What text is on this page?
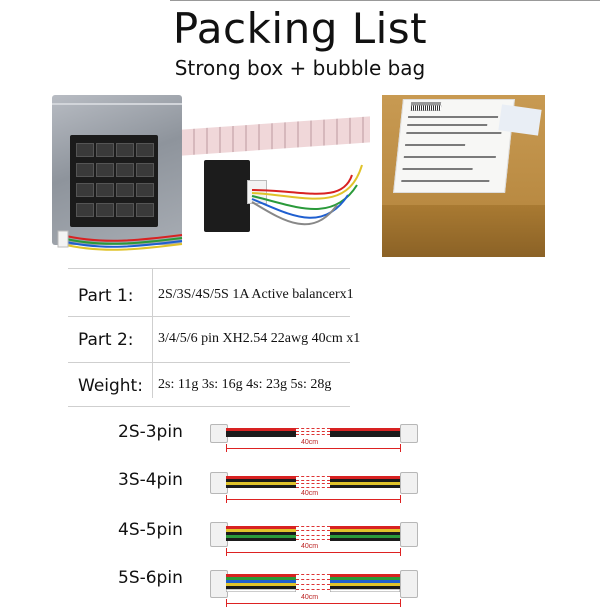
Packing List
Strong box + bubble bag
Part 1: 2S/3S/4S/5S 1A Active balancerx1
Part 2: 3/4/5/6 pin XH2.54 22awg 40cm x1
Weight: 2s: 11g 3s: 16g 4s: 23g 5s: 28g
2S-3pin
40cm
3S-4pin
40cm
4S-5pin
40cm
5S-6pin
40cm
